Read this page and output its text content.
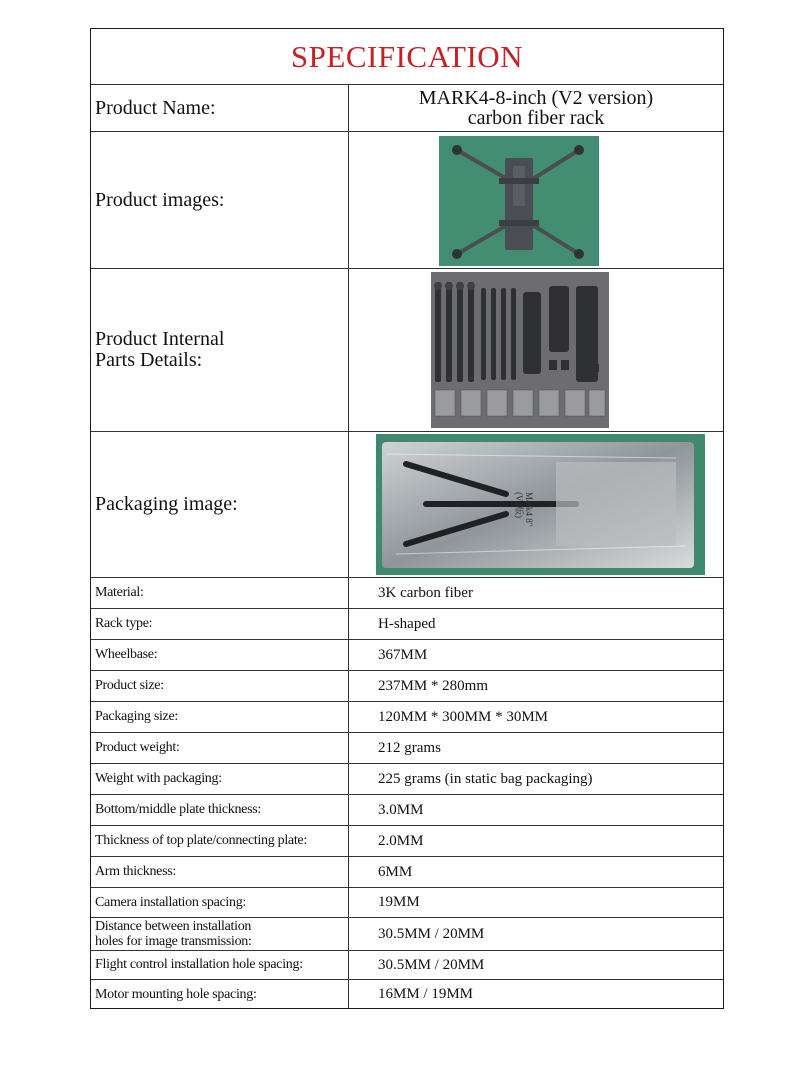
SPECIFICATION
Product Name:	MARK4-8-inch (V2 version)
carbon fiber rack
Product images:
Product Internal
Parts Details:
Packaging image:	Mark4 8"
(V2版)
Material:	3K carbon fiber
Rack type:	H-shaped
Wheelbase:	367MM
Product size:	237MM * 280mm
Packaging size:	120MM * 300MM * 30MM
Product weight:	212 grams
Weight with packaging:	225 grams (in static bag packaging)
Bottom/middle plate thickness:	3.0MM
Thickness of top plate/connecting plate:	2.0MM
Arm thickness:	6MM
Camera installation spacing:	19MM
Distance between installation
holes for image transmission:	30.5MM / 20MM
Flight control installation hole spacing:	30.5MM / 20MM
Motor mounting hole spacing:	16MM / 19MM
